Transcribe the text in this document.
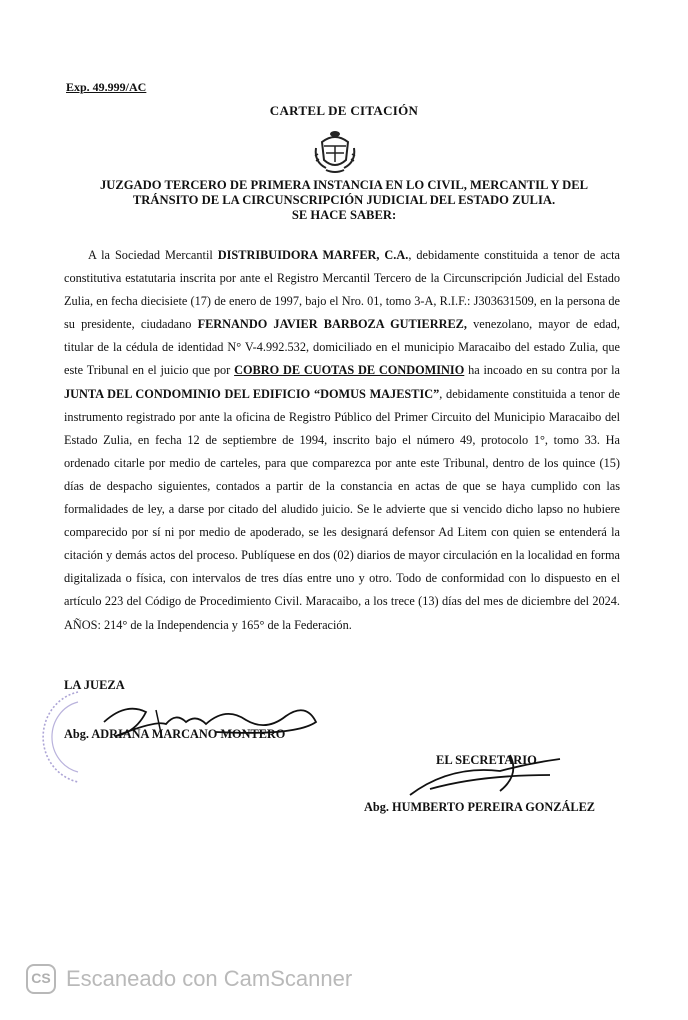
Exp. 49.999/AC
CARTEL DE CITACIÓN
JUZGADO TERCERO DE PRIMERA INSTANCIA EN LO CIVIL, MERCANTIL Y DEL
TRÁNSITO DE LA CIRCUNSCRIPCIÓN JUDICIAL DEL ESTADO ZULIA.
SE HACE SABER:
A la Sociedad Mercantil DISTRIBUIDORA MARFER, C.A., debidamente constituida a tenor de acta constitutiva estatutaria inscrita por ante el Registro Mercantil Tercero de la Circunscripción Judicial del Estado Zulia, en fecha diecisiete (17) de enero de 1997, bajo el Nro. 01, tomo 3-A, R.I.F.: J303631509, en la persona de su presidente, ciudadano FERNANDO JAVIER BARBOZA GUTIERREZ, venezolano, mayor de edad, titular de la cédula de identidad N° V-4.992.532, domiciliado en el municipio Maracaibo del estado Zulia, que este Tribunal en el juicio que por COBRO DE CUOTAS DE CONDOMINIO ha incoado en su contra por la JUNTA DEL CONDOMINIO DEL EDIFICIO “DOMUS MAJESTIC”, debidamente constituida a tenor de instrumento registrado por ante la oficina de Registro Público del Primer Circuito del Municipio Maracaibo del Estado Zulia, en fecha 12 de septiembre de 1994, inscrito bajo el número 49, protocolo 1°, tomo 33. Ha ordenado citarle por medio de carteles, para que comparezca por ante este Tribunal, dentro de los quince (15) días de despacho siguientes, contados a partir de la constancia en actas de que se haya cumplido con las formalidades de ley, a darse por citado del aludido juicio. Se le advierte que si vencido dicho lapso no hubiere comparecido por sí ni por medio de apoderado, se les designará defensor Ad Litem con quien se entenderá la citación y demás actos del proceso. Publíquese en dos (02) diarios de mayor circulación en la localidad en forma digitalizada o física, con intervalos de tres días entre uno y otro. Todo de conformidad con lo dispuesto en el artículo 223 del Código de Procedimiento Civil. Maracaibo, a los trece (13) días del mes de diciembre del 2024. AÑOS: 214° de la Independencia y 165° de la Federación.
LA JUEZA
Abg. ADRIANA MARCANO MONTERO
EL SECRETARIO
Abg. HUMBERTO PEREIRA GONZÁLEZ
CS Escaneado con CamScanner
